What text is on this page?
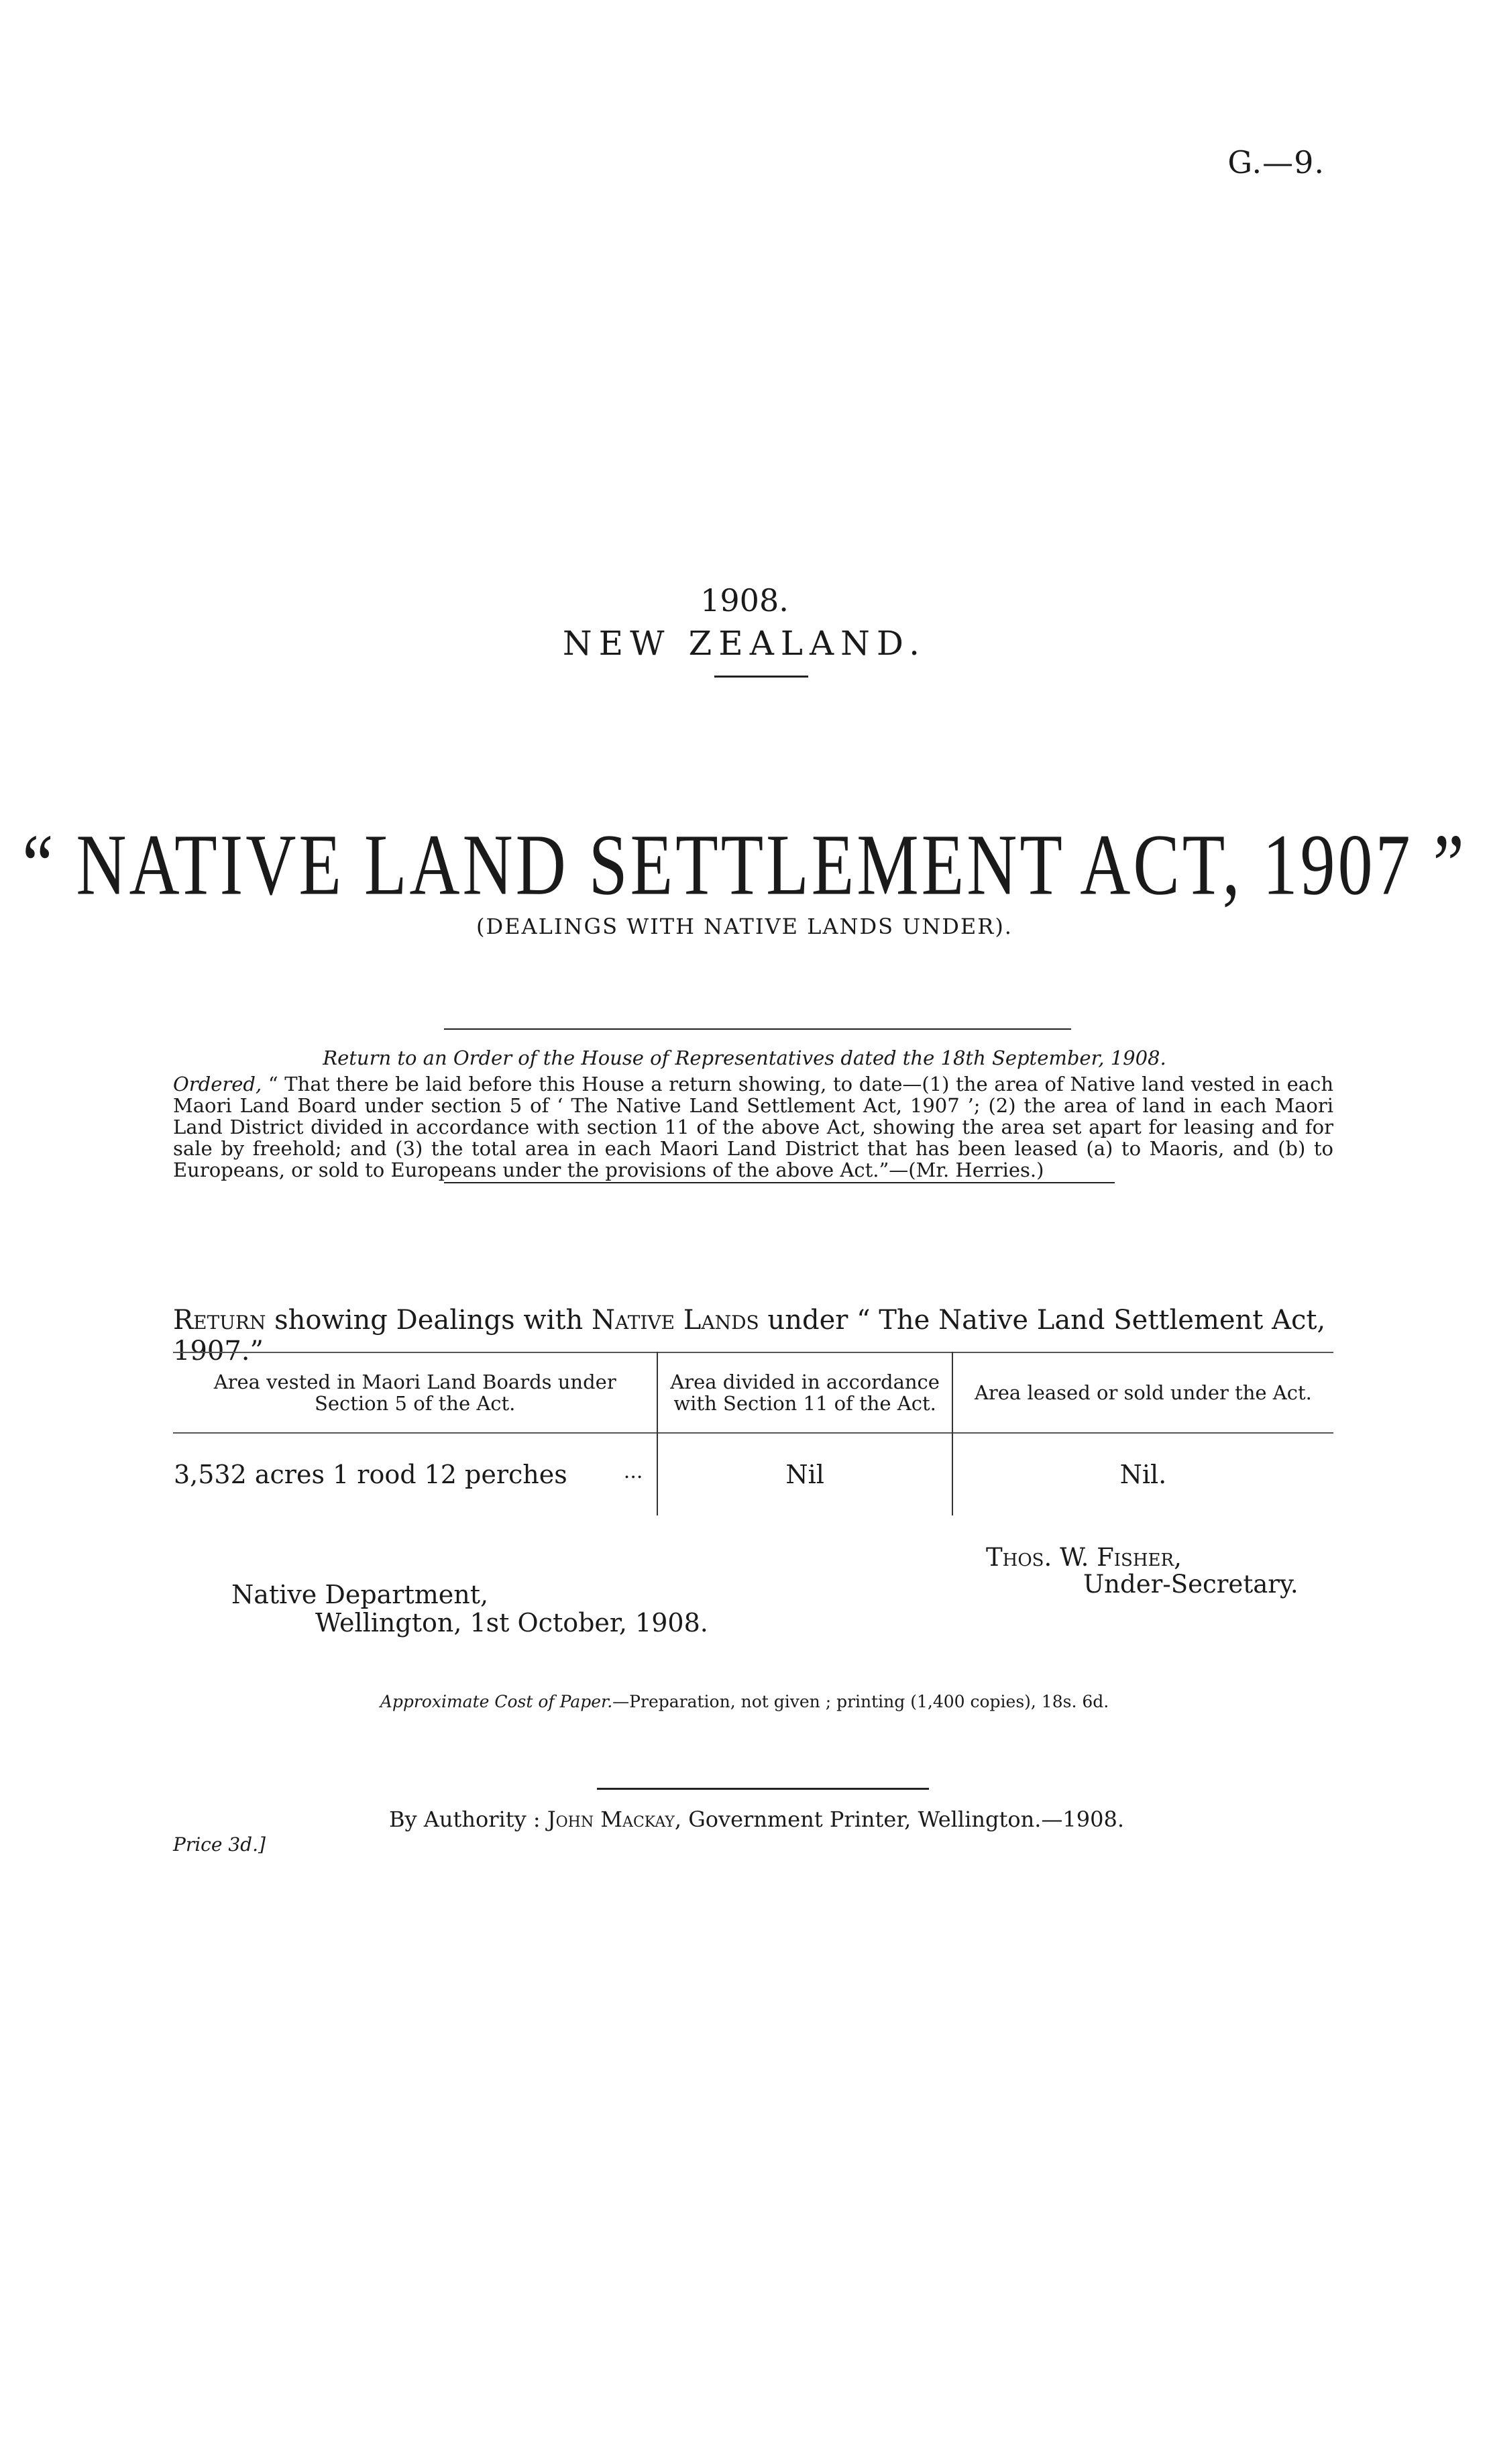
G.—9.
1908.
NEW ZEALAND.
“ NATIVE LAND SETTLEMENT ACT, 1907 ”
(DEALINGS WITH NATIVE LANDS UNDER).
Return to an Order of the House of Representatives dated the 18th September, 1908.
Ordered, “ That there be laid before this House a return showing, to date—(1) the area of Native land vested in each Maori Land Board under section 5 of ‘ The Native Land Settlement Act, 1907 ’; (2) the area of land in each Maori Land District divided in accordance with section 11 of the above Act, showing the area set apart for leasing and for sale by freehold; and (3) the total area in each Maori Land District that has been leased (a) to Maoris, and (b) to Europeans, or sold to Europeans under the provisions of the above Act.”—(Mr. Herries.)
Return showing Dealings with Native Lands under “ The Native Land Settlement Act, 1907.”
Area vested in Maori Land Boards under Section 5 of the Act.	Area divided in accordance with Section 11 of the Act.	Area leased or sold under the Act.
3,532 acres 1 rood 12 perches ...	Nil	Nil.
Thos. W. Fisher,
Under-Secretary.
Native Department,
Wellington, 1st October, 1908.
Approximate Cost of Paper.—Preparation, not given ; printing (1,400 copies), 18s. 6d.
By Authority : John Mackay, Government Printer, Wellington.—1908.
Price 3d.]
